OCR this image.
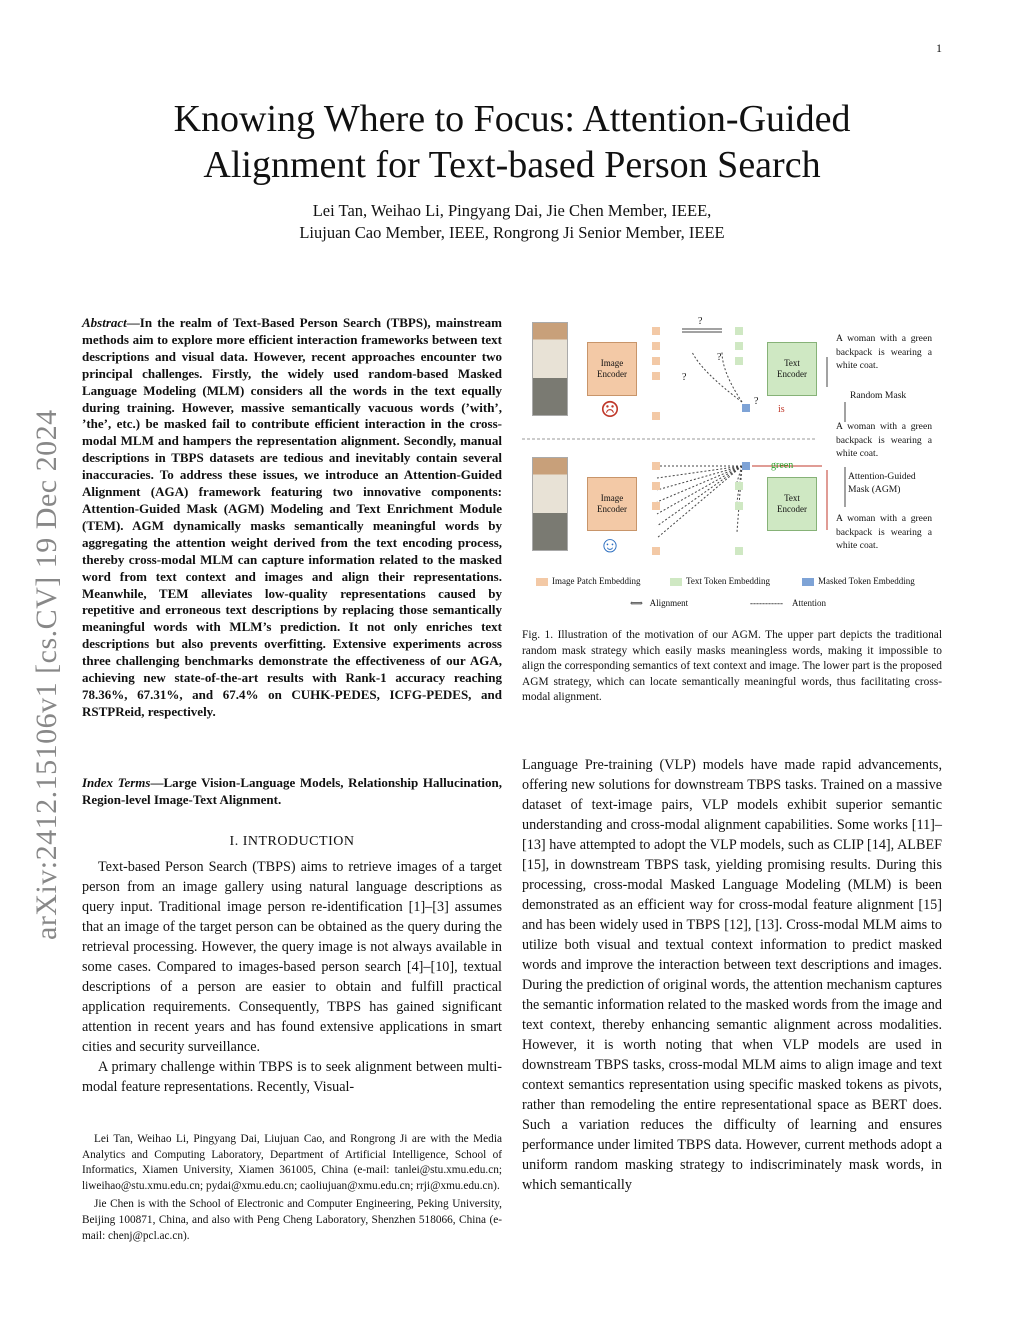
1
arXiv:2412.15106v1 [cs.CV] 19 Dec 2024
Knowing Where to Focus: Attention-Guided
Alignment for Text-based Person Search
Lei Tan, Weihao Li, Pingyang Dai, Jie Chen Member, IEEE,
Liujuan Cao Member, IEEE, Rongrong Ji Senior Member, IEEE
Abstract—In the realm of Text-Based Person Search (TBPS), mainstream methods aim to explore more efficient interaction frameworks between text descriptions and visual data. However, recent approaches encounter two principal challenges. Firstly, the widely used random-based Masked Language Modeling (MLM) considers all the words in the text equally during training. However, massive semantically vacuous words (’with’, ’the’, etc.) be masked fail to contribute efficient interaction in the cross-modal MLM and hampers the representation alignment. Secondly, manual descriptions in TBPS datasets are tedious and inevitably contain several inaccuracies. To address these issues, we introduce an Attention-Guided Alignment (AGA) framework featuring two innovative components: Attention-Guided Mask (AGM) Modeling and Text Enrichment Module (TEM). AGM dynamically masks semantically meaningful words by aggregating the attention weight derived from the text encoding process, thereby cross-modal MLM can capture information related to the masked word from text context and images and align their representations. Meanwhile, TEM alleviates low-quality representations caused by repetitive and erroneous text descriptions by replacing those semantically meaningful words with MLM’s prediction. It not only enriches text descriptions but also prevents overfitting. Extensive experiments across three challenging benchmarks demonstrate the effectiveness of our AGA, achieving new state-of-the-art results with Rank-1 accuracy reaching 78.36%, 67.31%, and 67.4% on CUHK-PEDES, ICFG-PEDES, and RSTPReid, respectively.
Index Terms—Large Vision-Language Models, Relationship Hallucination, Region-level Image-Text Alignment.
I. INTRODUCTION

Text-based Person Search (TBPS) aims to retrieve images of a target person from an image gallery using natural language descriptions as query input. Traditional image person re-identification [1]–[3] assumes that an image of the target person can be obtained as the query during the retrieval processing. However, the query image is not always available in some cases. Compared to images-based person search [4]–[10], textual descriptions of a person are easier to obtain and fulfill practical application requirements. Consequently, TBPS has gained significant attention in recent years and has found extensive applications in smart cities and security surveillance.

A primary challenge within TBPS is to seek alignment between multi-modal feature representations. Recently, Visual-

Lei Tan, Weihao Li, Pingyang Dai, Liujuan Cao, and Rongrong Ji are with the Media Analytics and Computing Laboratory, Department of Artificial Intelligence, School of Informatics, Xiamen University, Xiamen 361005, China (e-mail: tanlei@stu.xmu.edu.cn; liweihao@stu.xmu.edu.cn; pydai@xmu.edu.cn; caoliujuan@xmu.edu.cn; rrji@xmu.edu.cn).

Jie Chen is with the School of Electronic and Computer Engineering, Peking University, Beijing 100871, China, and also with Peng Cheng Laboratory, Shenzhen 518066, China (e-mail: chenj@pcl.ac.cn).

Image Encoder
Image Encoder
Text Encoder
Text Encoder
☹
☺
?
?
?
?
is
green
A woman with a green backpack is wearing a white coat.
Random Mask
A woman with a green backpack is wearing a white coat.
Attention-Guided Mask (AGM)
A woman with a green backpack is wearing a white coat.
Image Patch Embedding	Text Token Embedding	Masked Token Embedding
⟺   Alignment	-----------    Attention
Fig. 1. Illustration of the motivation of our AGM. The upper part depicts the traditional random mask strategy which easily masks meaningless words, making it impossible to align the corresponding semantics of text context and image. The lower part is the proposed AGM strategy, which can locate semantically meaningful words, thus facilitating cross-modal alignment.
Language Pre-training (VLP) models have made rapid advancements, offering new solutions for downstream TBPS tasks. Trained on a massive dataset of text-image pairs, VLP models exhibit superior semantic understanding and cross-modal alignment capabilities. Some works [11]–[13] have attempted to adopt the VLP models, such as CLIP [14], ALBEF [15], in downstream TBPS task, yielding promising results. During this processing, cross-modal Masked Language Modeling (MLM) is been demonstrated as an efficient way for cross-modal feature alignment [15] and has been widely used in TBPS [12], [13]. Cross-modal MLM aims to utilize both visual and textual context information to predict masked words and improve the interaction between text descriptions and images. During the prediction of original words, the attention mechanism captures the semantic information related to the masked words from the image and text context, thereby enhancing semantic alignment across modalities. However, it is worth noting that when VLP models are used in downstream TBPS tasks, cross-modal MLM aims to align image and text context semantics representation using specific masked tokens as pivots, rather than remodeling the entire representational space as BERT does. Such a variation reduces the difficulty of learning and ensures performance under limited TBPS data. However, current methods adopt a uniform random masking strategy to indiscriminately mask words, in which semantically
